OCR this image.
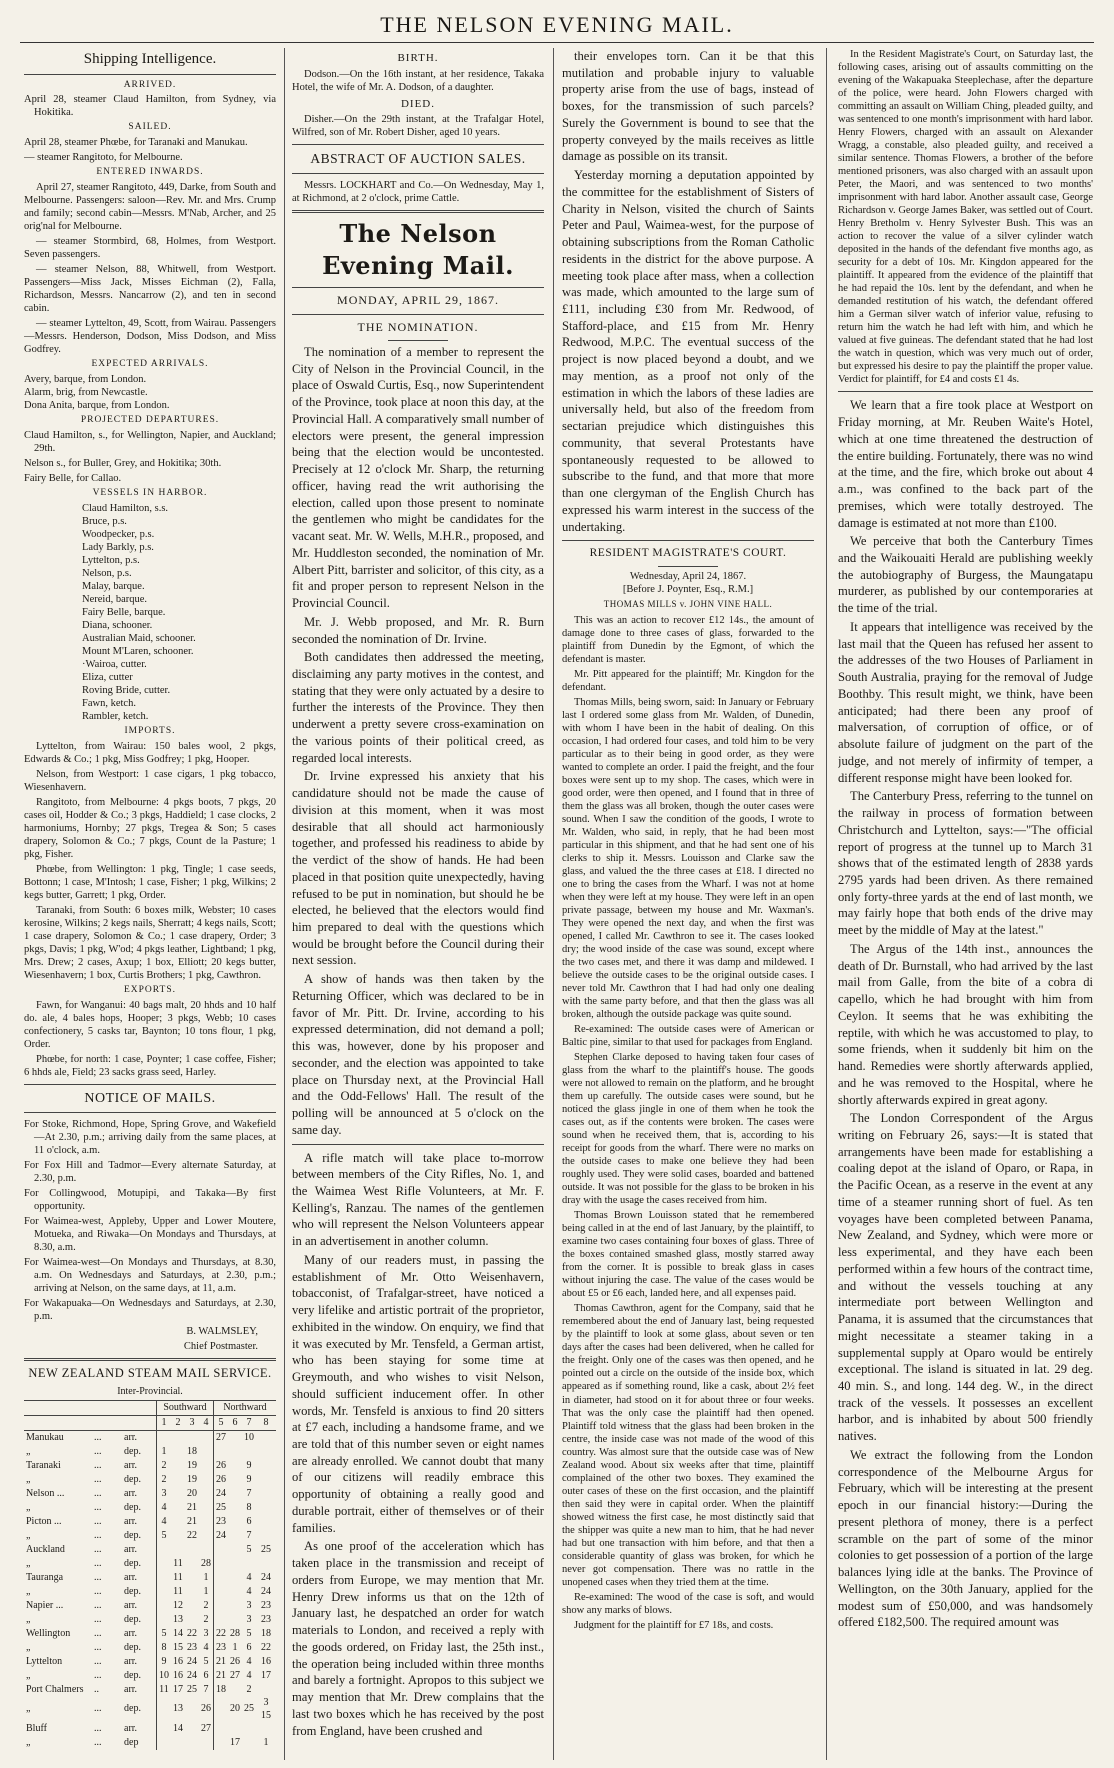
THE NELSON EVENING MAIL.
Shipping Intelligence.
ARRIVED.

April 28, steamer Claud Hamilton, from Sydney, via Hokitika.

SAILED.

April 28, steamer Phœbe, for Taranaki and Manukau.

— steamer Rangitoto, for Melbourne.

ENTERED INWARDS.

April 27, steamer Rangitoto, 449, Darke, from South and Melbourne. Passengers: saloon—Rev. Mr. and Mrs. Crump and family; second cabin—Messrs. M'Nab, Archer, and 25 orig'nal for Melbourne.

— steamer Stormbird, 68, Holmes, from Westport. Seven passengers.

— steamer Nelson, 88, Whitwell, from Westport. Passengers—Miss Jack, Misses Eichman (2), Falla, Richardson, Messrs. Nancarrow (2), and ten in second cabin.

— steamer Lyttelton, 49, Scott, from Wairau. Passengers—Messrs. Henderson, Dodson, Miss Dodson, and Miss Godfrey.

EXPECTED ARRIVALS.
Avery, barque, from London.
Alarm, brig, from Newcastle.
Dona Anita, barque, from London.
PROJECTED DEPARTURES.

Claud Hamilton, s., for Wellington, Napier, and Auckland; 29th.

Nelson s., for Buller, Grey, and Hokitika; 30th.

Fairy Belle, for Callao.

VESSELS IN HARBOR.
Claud Hamilton, s.s.
Bruce, p.s.
Woodpecker, p.s.
Lady Barkly, p.s.
Lyttelton, p.s.
Nelson, p.s.
Malay, barque.
Nereid, barque.
Fairy Belle, barque.
Diana, schooner.
Australian Maid, schooner.
Mount M'Laren, schooner.
·Wairoa, cutter.
Eliza, cutter
Roving Bride, cutter.
Fawn, ketch.
Rambler, ketch.
IMPORTS.

Lyttelton, from Wairau: 150 bales wool, 2 pkgs, Edwards & Co.; 1 pkg, Miss Godfrey; 1 pkg, Hooper.

Nelson, from Westport: 1 case cigars, 1 pkg tobacco, Wiesenhavern.

Rangitoto, from Melbourne: 4 pkgs boots, 7 pkgs, 20 cases oil, Hodder & Co.; 3 pkgs, Haddield; 1 case clocks, 2 harmoniums, Hornby; 27 pkgs, Tregea & Son; 5 cases drapery, Solomon & Co.; 7 pkgs, Count de la Pasture; 1 pkg, Fisher.

Phœbe, from Wellington: 1 pkg, Tingle; 1 case seeds, Bottonn; 1 case, M'Intosh; 1 case, Fisher; 1 pkg, Wilkins; 2 kegs butter, Garrett; 1 pkg, Order.

Taranaki, from South: 6 boxes milk, Webster; 10 cases kerosine, Wilkins; 2 kegs nails, Sherratt; 4 kegs nails, Scott; 1 case drapery, Solomon & Co.; 1 case drapery, Order; 3 pkgs, Davis; 1 pkg, W'od; 4 pkgs leather, Lightband; 1 pkg, Mrs. Drew; 2 cases, Axup; 1 box, Elliott; 20 kegs butter, Wiesenhavern; 1 box, Curtis Brothers; 1 pkg, Cawthron.

EXPORTS.

Fawn, for Wanganui: 40 bags malt, 20 hhds and 10 half do. ale, 4 bales hops, Hooper; 3 pkgs, Webb; 10 cases confectionery, 5 casks tar, Baynton; 10 tons flour, 1 pkg, Order.

Phœbe, for north: 1 case, Poynter; 1 case coffee, Fisher; 6 hhds ale, Field; 23 sacks grass seed, Harley.

NOTICE OF MAILS.

For Stoke, Richmond, Hope, Spring Grove, and Wakefield—At 2.30, p.m.; arriving daily from the same places, at 11 o'clock, a.m.

For Fox Hill and Tadmor—Every alternate Saturday, at 2.30, p.m.

For Collingwood, Motupipi, and Takaka—By first opportunity.

For Waimea-west, Appleby, Upper and Lower Moutere, Motueka, and Riwaka—On Mondays and Thursdays, at 8.30, a.m.

For Waimea-west—On Mondays and Thursdays, at 8.30, a.m. On Wednesdays and Saturdays, at 2.30, p.m.; arriving at Nelson, on the same days, at 11, a.m.

For Wakapuaka—On Wednesdays and Saturdays, at 2.30, p.m.

B. WALMSLEY,
Chief Postmaster.
NEW ZEALAND STEAM MAIL SERVICE.
Inter-Provincial.
			Southward				Northward			
			1	2	3	4	5	6	7	8
Manukau	...	arr.					27		10	
„	...	dep.	1		18					
Taranaki	...	arr.	2		19		26		9	
„	...	dep.	2		19		26		9	
Nelson ...	...	arr.	3		20		24		7	
„	...	dep.	4		21		25		8	
Picton ...	...	arr.	4		21		23		6	
„	...	dep.	5		22		24		7	
Auckland	...	arr.							5	25
„	...	dep.		11		28				
Tauranga	...	arr.		11		1			4	24
„	...	dep.		11		1			4	24
Napier ...	...	arr.		12		2			3	23
„	...	dep.		13		2			3	23
Wellington	...	arr.	5	14	22	3	22	28	5	18
„	...	dep.	8	15	23	4	23	1	6	22
Lyttelton	...	arr.	9	16	24	5	21	26	4	16
„	...	dep.	10	16	24	6	21	27	4	17
Port Chalmers	..	arr.	11	17	25	7	18		2	
„	...	dep.		13		26		20	25	3 15
Bluff	...	arr.		14		27				
„	...	dep						17		1
BIRTH.

Dodson.—On the 16th instant, at her residence, Takaka Hotel, the wife of Mr. A. Dodson, of a daughter.

DIED.

Disher.—On the 29th instant, at the Trafalgar Hotel, Wilfred, son of Mr. Robert Disher, aged 10 years.

ABSTRACT OF AUCTION SALES.

Messrs. LOCKHART and Co.—On Wednesday, May 1, at Richmond, at 2 o'clock, prime Cattle.

The Nelson Evening Mail.
MONDAY, APRIL 29, 1867.
THE NOMINATION.

The nomination of a member to represent the City of Nelson in the Provincial Council, in the place of Oswald Curtis, Esq., now Superintendent of the Province, took place at noon this day, at the Provincial Hall. A comparatively small number of electors were present, the general impression being that the election would be uncontested. Precisely at 12 o'clock Mr. Sharp, the returning officer, having read the writ authorising the election, called upon those present to nominate the gentlemen who might be candidates for the vacant seat. Mr. W. Wells, M.H.R., proposed, and Mr. Huddleston seconded, the nomination of Mr. Albert Pitt, barrister and solicitor, of this city, as a fit and proper person to represent Nelson in the Provincial Council.

Mr. J. Webb proposed, and Mr. R. Burn seconded the nomination of Dr. Irvine.

Both candidates then addressed the meeting, disclaiming any party motives in the contest, and stating that they were only actuated by a desire to further the interests of the Province. They then underwent a pretty severe cross-examination on the various points of their political creed, as regarded local interests.

Dr. Irvine expressed his anxiety that his candidature should not be made the cause of division at this moment, when it was most desirable that all should act harmoniously together, and professed his readiness to abide by the verdict of the show of hands. He had been placed in that position quite unexpectedly, having refused to be put in nomination, but should he be elected, he believed that the electors would find him prepared to deal with the questions which would be brought before the Council during their next session.

A show of hands was then taken by the Returning Officer, which was declared to be in favor of Mr. Pitt. Dr. Irvine, according to his expressed determination, did not demand a poll; this was, however, done by his proposer and seconder, and the election was appointed to take place on Thursday next, at the Provincial Hall and the Odd-Fellows' Hall. The result of the polling will be announced at 5 o'clock on the same day.

A rifle match will take place to-morrow between members of the City Rifles, No. 1, and the Waimea West Rifle Volunteers, at Mr. F. Kelling's, Ranzau. The names of the gentlemen who will represent the Nelson Volunteers appear in an advertisement in another column.

Many of our readers must, in passing the establishment of Mr. Otto Weisenhavern, tobacconist, of Trafalgar-street, have noticed a very lifelike and artistic portrait of the proprietor, exhibited in the window. On enquiry, we find that it was executed by Mr. Tensfeld, a German artist, who has been staying for some time at Greymouth, and who wishes to visit Nelson, should sufficient inducement offer. In other words, Mr. Tensfeld is anxious to find 20 sitters at £7 each, including a handsome frame, and we are told that of this number seven or eight names are already enrolled. We cannot doubt that many of our citizens will readily embrace this opportunity of obtaining a really good and durable portrait, either of themselves or of their families.

As one proof of the acceleration which has taken place in the transmission and receipt of orders from Europe, we may mention that Mr. Henry Drew informs us that on the 12th of January last, he despatched an order for watch materials to London, and received a reply with the goods ordered, on Friday last, the 25th inst., the operation being included within three months and barely a fortnight. Apropos to this subject we may mention that Mr. Drew complains that the last two boxes which he has received by the post from England, have been crushed and

their envelopes torn. Can it be that this mutilation and probable injury to valuable property arise from the use of bags, instead of boxes, for the transmission of such parcels? Surely the Government is bound to see that the property conveyed by the mails receives as little damage as possible on its transit.

Yesterday morning a deputation appointed by the committee for the establishment of Sisters of Charity in Nelson, visited the church of Saints Peter and Paul, Waimea-west, for the purpose of obtaining subscriptions from the Roman Catholic residents in the district for the above purpose. A meeting took place after mass, when a collection was made, which amounted to the large sum of £111, including £30 from Mr. Redwood, of Stafford-place, and £15 from Mr. Henry Redwood, M.P.C. The eventual success of the project is now placed beyond a doubt, and we may mention, as a proof not only of the estimation in which the labors of these ladies are universally held, but also of the freedom from sectarian prejudice which distinguishes this community, that several Protestants have spontaneously requested to be allowed to subscribe to the fund, and that more that more than one clergyman of the English Church has expressed his warm interest in the success of the undertaking.

RESIDENT MAGISTRATE'S COURT.
Wednesday, April 24, 1867.
[Before J. Poynter, Esq., R.M.]
THOMAS MILLS v. JOHN VINE HALL.

This was an action to recover £12 14s., the amount of damage done to three cases of glass, forwarded to the plaintiff from Dunedin by the Egmont, of which the defendant is master.

Mr. Pitt appeared for the plaintiff; Mr. Kingdon for the defendant.

Thomas Mills, being sworn, said: In January or February last I ordered some glass from Mr. Walden, of Dunedin, with whom I have been in the habit of dealing. On this occasion, I had ordered four cases, and told him to be very particular as to their being in good order, as they were wanted to complete an order. I paid the freight, and the four boxes were sent up to my shop. The cases, which were in good order, were then opened, and I found that in three of them the glass was all broken, though the outer cases were sound. When I saw the condition of the goods, I wrote to Mr. Walden, who said, in reply, that he had been most particular in this shipment, and that he had sent one of his clerks to ship it. Messrs. Louisson and Clarke saw the glass, and valued the the three cases at £18. I directed no one to bring the cases from the Wharf. I was not at home when they were left at my house. They were left in an open private passage, between my house and Mr. Waxman's. They were opened the next day, and when the first was opened, I called Mr. Cawthron to see it. The cases looked dry; the wood inside of the case was sound, except where the two cases met, and there it was damp and mildewed. I believe the outside cases to be the original outside cases. I never told Mr. Cawthron that I had had only one dealing with the same party before, and that then the glass was all broken, although the outside package was quite sound.

Re-examined: The outside cases were of American or Baltic pine, similar to that used for packages from England.

Stephen Clarke deposed to having taken four cases of glass from the wharf to the plaintiff's house. The goods were not allowed to remain on the platform, and he brought them up carefully. The outside cases were sound, but he noticed the glass jingle in one of them when he took the cases out, as if the contents were broken. The cases were sound when he received them, that is, according to his receipt for goods from the wharf. There were no marks on the outside cases to make one believe they had been roughly used. They were solid cases, boarded and battened outside. It was not possible for the glass to be broken in his dray with the usage the cases received from him.

Thomas Brown Louisson stated that he remembered being called in at the end of last January, by the plaintiff, to examine two cases containing four boxes of glass. Three of the boxes contained smashed glass, mostly starred away from the corner. It is possible to break glass in cases without injuring the case. The value of the cases would be about £5 or £6 each, landed here, and all expenses paid.

Thomas Cawthron, agent for the Company, said that he remembered about the end of January last, being requested by the plaintiff to look at some glass, about seven or ten days after the cases had been delivered, when he called for the freight. Only one of the cases was then opened, and he pointed out a circle on the outside of the inside box, which appeared as if something round, like a cask, about 2½ feet in diameter, had stood on it for about three or four weeks. That was the only case the plaintiff had then opened. Plaintiff told witness that the glass had been broken in the centre, the inside case was not made of the wood of this country. Was almost sure that the outside case was of New Zealand wood. About six weeks after that time, plaintiff complained of the other two boxes. They examined the outer cases of these on the first occasion, and the plaintiff then said they were in capital order. When the plaintiff showed witness the first case, he most distinctly said that the shipper was quite a new man to him, that he had never had but one transaction with him before, and that then a considerable quantity of glass was broken, for which he never got compensation. There was no rattle in the unopened cases when they tried them at the time.

Re-examined: The wood of the case is soft, and would show any marks of blows.

Judgment for the plaintiff for £7 18s, and costs.

In the Resident Magistrate's Court, on Saturday last, the following cases, arising out of assaults committing on the evening of the Wakapuaka Steeplechase, after the departure of the police, were heard. John Flowers charged with committing an assault on William Ching, pleaded guilty, and was sentenced to one month's imprisonment with hard labor. Henry Flowers, charged with an assault on Alexander Wragg, a constable, also pleaded guilty, and received a similar sentence. Thomas Flowers, a brother of the before mentioned prisoners, was also charged with an assault upon Peter, the Maori, and was sentenced to two months' imprisonment with hard labor. Another assault case, George Richardson v. George James Baker, was settled out of Court. Henry Bretholm v. Henry Sylvester Bush. This was an action to recover the value of a silver cylinder watch deposited in the hands of the defendant five months ago, as security for a debt of 10s. Mr. Kingdon appeared for the plaintiff. It appeared from the evidence of the plaintiff that he had repaid the 10s. lent by the defendant, and when he demanded restitution of his watch, the defendant offered him a German silver watch of inferior value, refusing to return him the watch he had left with him, and which he valued at five guineas. The defendant stated that he had lost the watch in question, which was very much out of order, but expressed his desire to pay the plaintiff the proper value. Verdict for plaintiff, for £4 and costs £1 4s.

We learn that a fire took place at Westport on Friday morning, at Mr. Reuben Waite's Hotel, which at one time threatened the destruction of the entire building. Fortunately, there was no wind at the time, and the fire, which broke out about 4 a.m., was confined to the back part of the premises, which were totally destroyed. The damage is estimated at not more than £100.

We perceive that both the Canterbury Times and the Waikouaiti Herald are publishing weekly the autobiography of Burgess, the Maungatapu murderer, as published by our contemporaries at the time of the trial.

It appears that intelligence was received by the last mail that the Queen has refused her assent to the addresses of the two Houses of Parliament in South Australia, praying for the removal of Judge Boothby. This result might, we think, have been anticipated; had there been any proof of malversation, of corruption of office, or of absolute failure of judgment on the part of the judge, and not merely of infirmity of temper, a different response might have been looked for.

The Canterbury Press, referring to the tunnel on the railway in process of formation between Christchurch and Lyttelton, says:—"The official report of progress at the tunnel up to March 31 shows that of the estimated length of 2838 yards 2795 yards had been driven. As there remained only forty-three yards at the end of last month, we may fairly hope that both ends of the drive may meet by the middle of May at the latest."

The Argus of the 14th inst., announces the death of Dr. Burnstall, who had arrived by the last mail from Galle, from the bite of a cobra di capello, which he had brought with him from Ceylon. It seems that he was exhibiting the reptile, with which he was accustomed to play, to some friends, when it suddenly bit him on the hand. Remedies were shortly afterwards applied, and he was removed to the Hospital, where he shortly afterwards expired in great agony.

The London Correspondent of the Argus writing on February 26, says:—It is stated that arrangements have been made for establishing a coaling depot at the island of Oparo, or Rapa, in the Pacific Ocean, as a reserve in the event at any time of a steamer running short of fuel. As ten voyages have been completed between Panama, New Zealand, and Sydney, which were more or less experimental, and they have each been performed within a few hours of the contract time, and without the vessels touching at any intermediate port between Wellington and Panama, it is assumed that the circumstances that might necessitate a steamer taking in a supplemental supply at Oparo would be entirely exceptional. The island is situated in lat. 29 deg. 40 min. S., and long. 144 deg. W., in the direct track of the vessels. It possesses an excellent harbor, and is inhabited by about 500 friendly natives.

We extract the following from the London correspondence of the Melbourne Argus for February, which will be interesting at the present epoch in our financial history:—During the present plethora of money, there is a perfect scramble on the part of some of the minor colonies to get possession of a portion of the large balances lying idle at the banks. The Province of Wellington, on the 30th January, applied for the modest sum of £50,000, and was handsomely offered £182,500. The required amount was
